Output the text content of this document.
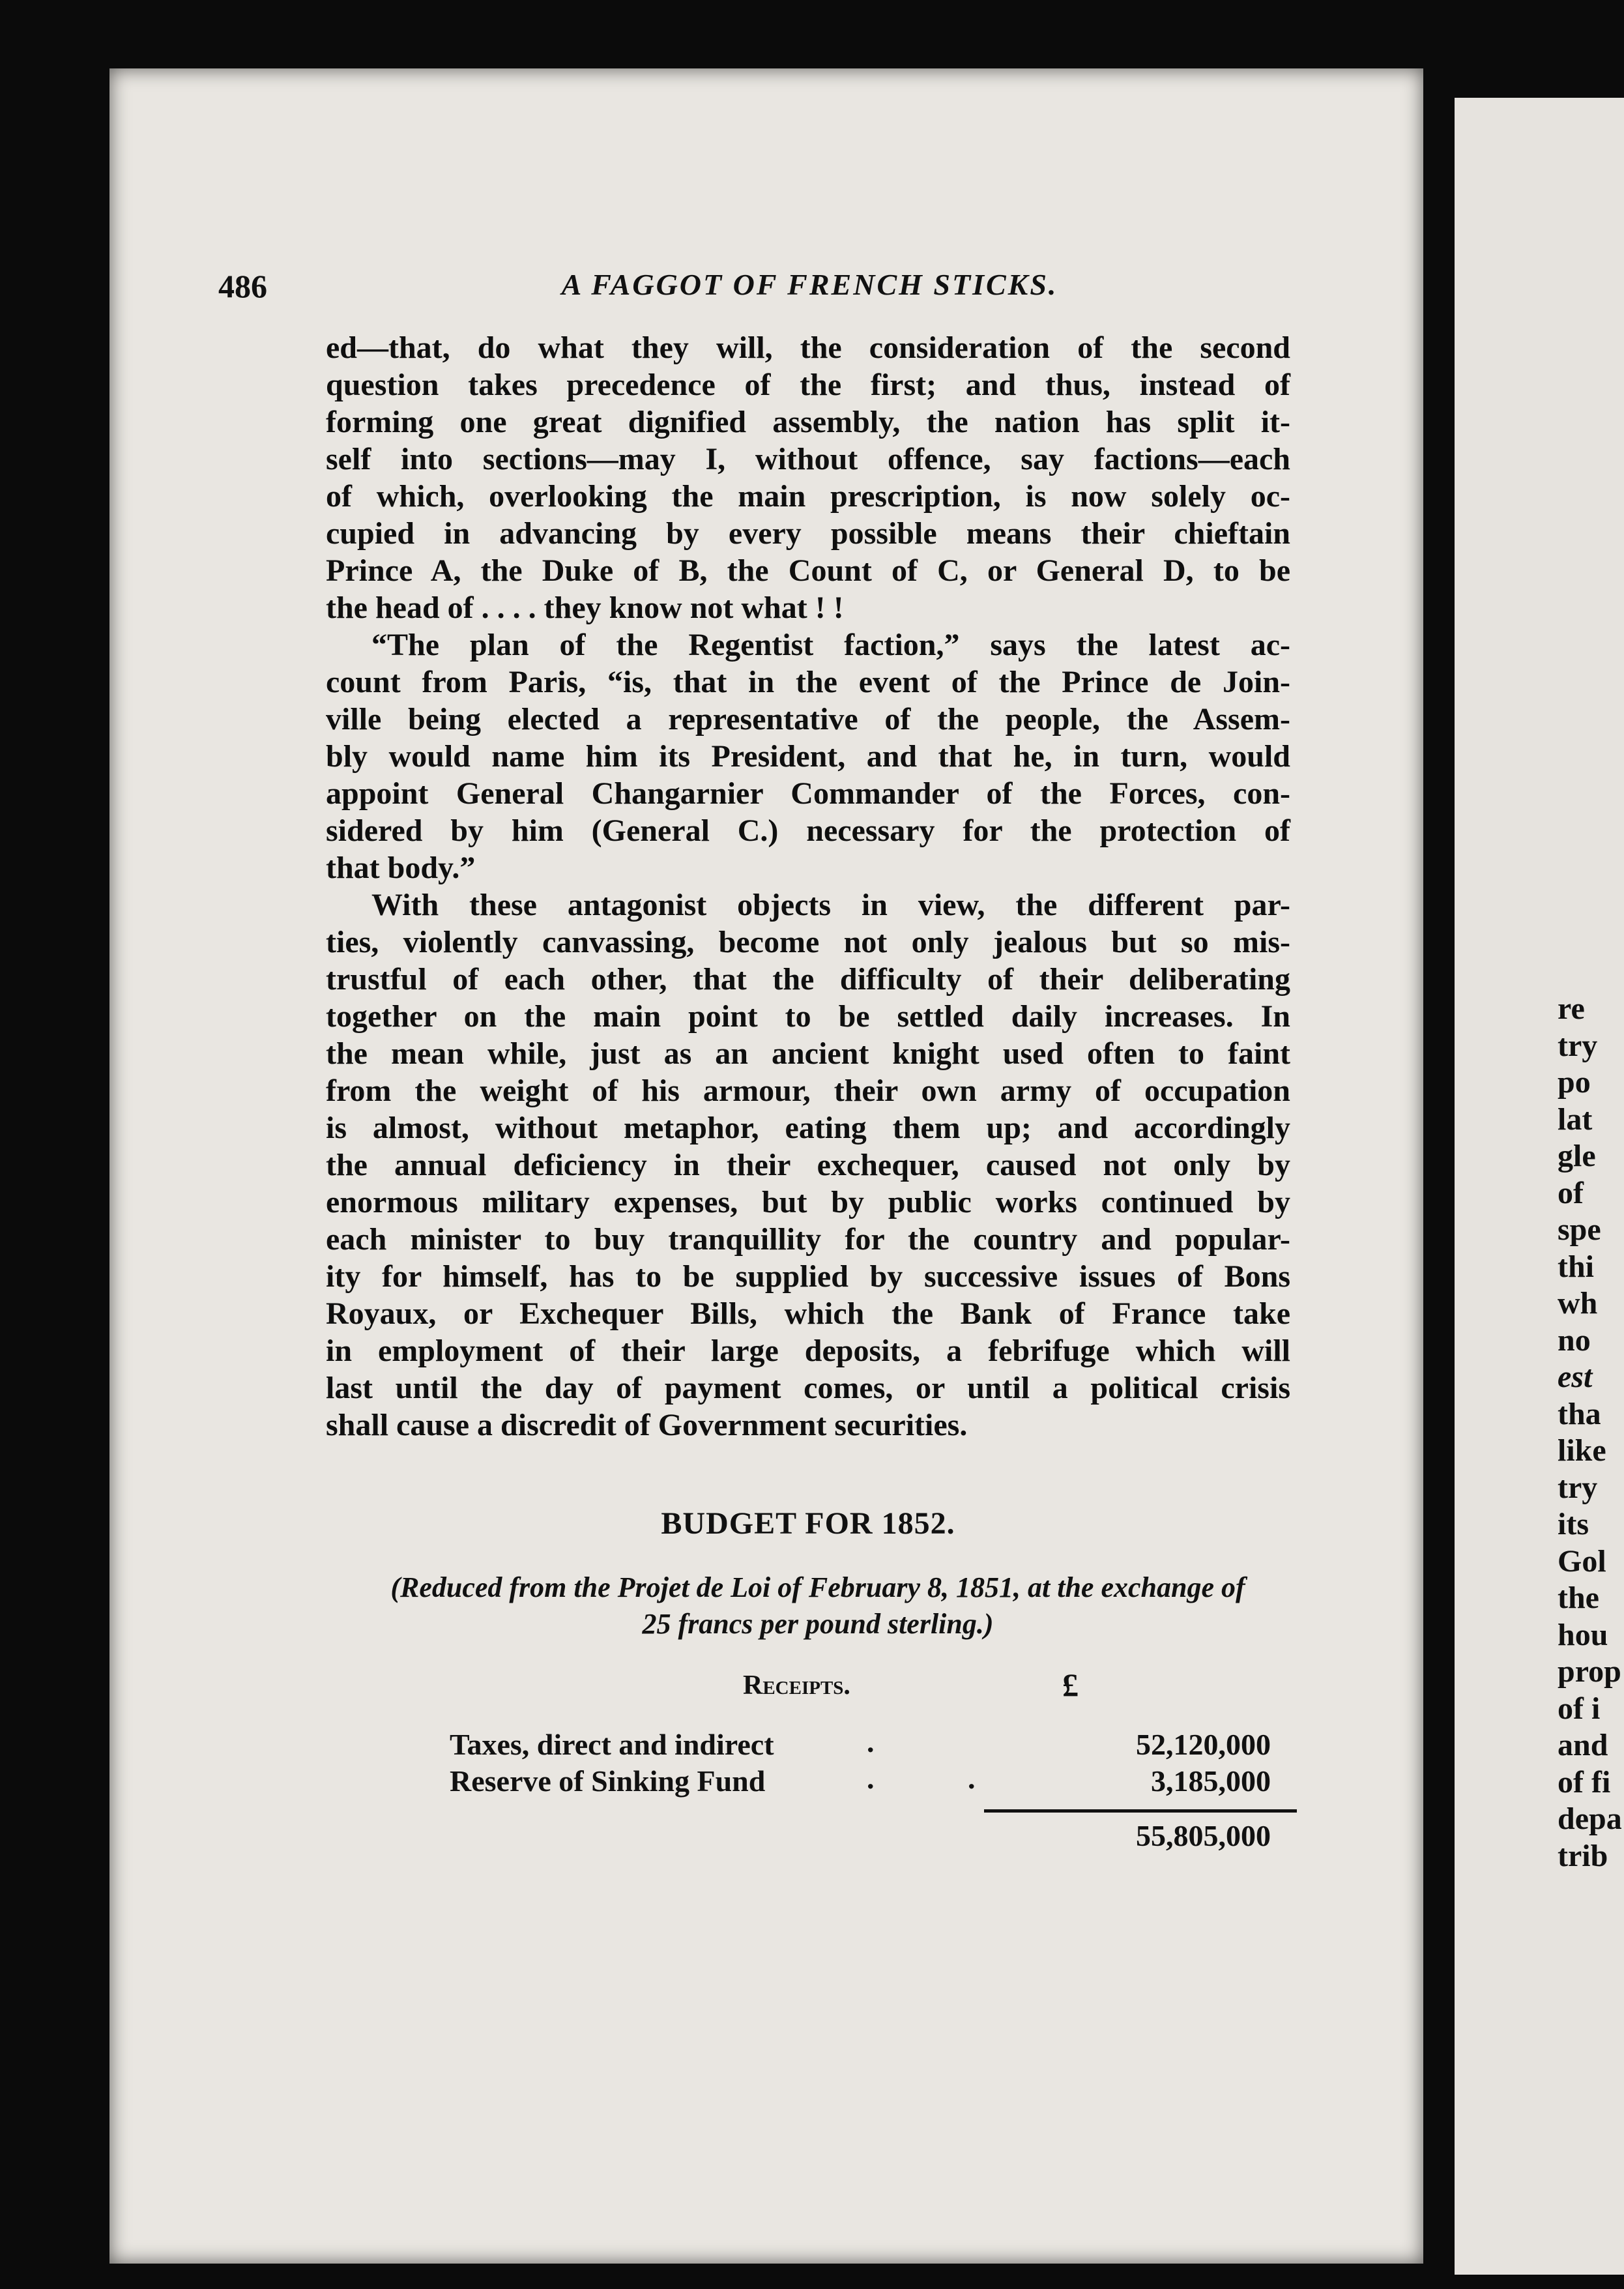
486	A FAGGOT OF FRENCH STICKS.
ed—that, do what they will, the consideration of the second
question takes precedence of the first; and thus, instead of
forming one great dignified assembly, the nation has split it-
self into sections—may I, without offence, say factions—each
of which, overlooking the main prescription, is now solely oc-
cupied in advancing by every possible means their chieftain
Prince A, the Duke of B, the Count of C, or General D, to be
the head of . . . . they know not what ! !
“The plan of the Regentist faction,” says the latest ac-
count from Paris, “is, that in the event of the Prince de Join-
ville being elected a representative of the people, the Assem-
bly would name him its President, and that he, in turn, would
appoint General Changarnier Commander of the Forces, con-
sidered by him (General C.) necessary for the protection of
that body.”
With these antagonist objects in view, the different par-
ties, violently canvassing, become not only jealous but so mis-
trustful of each other, that the difficulty of their deliberating
together on the main point to be settled daily increases. In
the mean while, just as an ancient knight used often to faint
from the weight of his armour, their own army of occupation
is almost, without metaphor, eating them up; and accordingly
the annual deficiency in their exchequer, caused not only by
enormous military expenses, but by public works continued by
each minister to buy tranquillity for the country and popular-
ity for himself, has to be supplied by successive issues of Bons
Royaux, or Exchequer Bills, which the Bank of France take
in employment of their large deposits, a febrifuge which will
last until the day of payment comes, or until a political crisis
shall cause a discredit of Government securities.
BUDGET FOR 1852.
(Reduced from the Projet de Loi of February 8, 1851, at the exchange of
25 francs per pound sterling.)
Receipts.	£
Taxes, direct and indirect	.	52,120,000
Reserve of Sinking Fund	.	.	3,185,000
55,805,000
re
try
po
lat
gle
of
spe
thi
wh
no
est
tha
like
try
its
Gol
the
hou
prop
of i
and
of fi
depa
trib
